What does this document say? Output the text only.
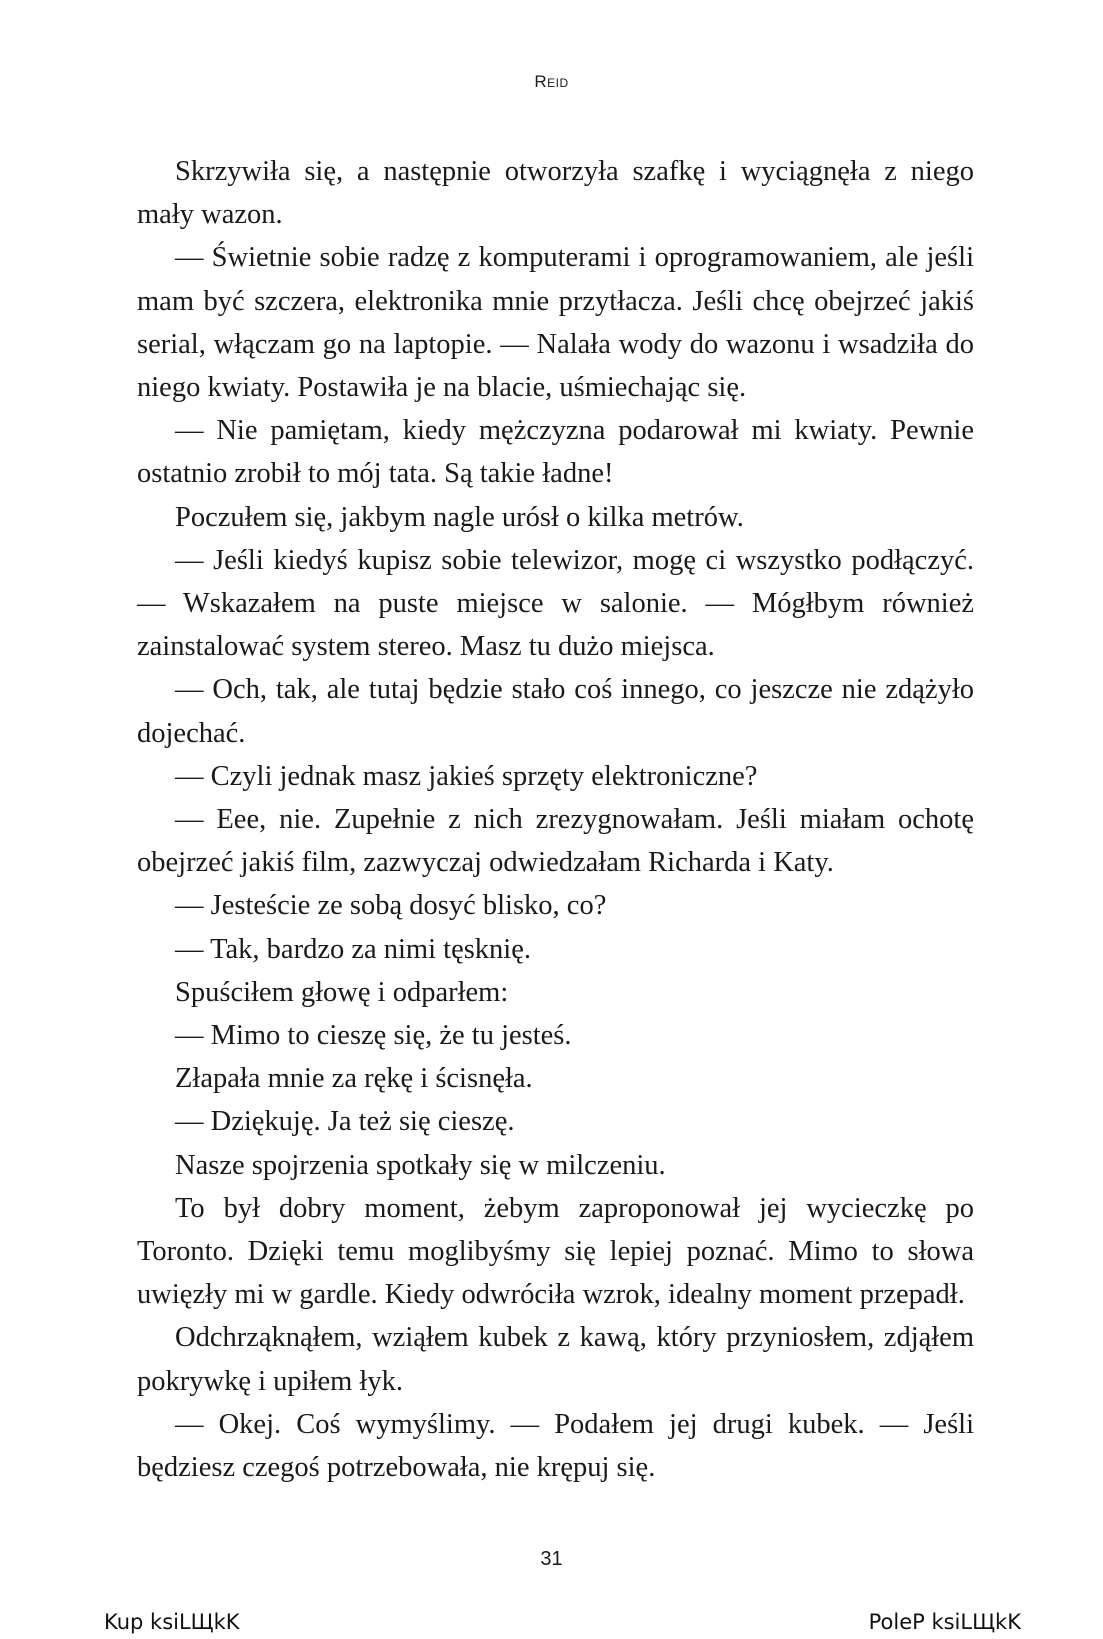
Reid

Skrzywiła się, a następnie otworzyła szafkę i wyciągnęła z niego mały wazon.

— Świetnie sobie radzę z komputerami i oprogramowaniem, ale jeśli mam być szczera, elektronika mnie przytłacza. Jeśli chcę obejrzeć jakiś serial, włączam go na laptopie. — Nalała wody do wazonu i wsadziła do niego kwiaty. Postawiła je na blacie, uśmiechając się.

— Nie pamiętam, kiedy mężczyzna podarował mi kwiaty. Pewnie ostatnio zrobił to mój tata. Są takie ładne!

Poczułem się, jakbym nagle urósł o kilka metrów.

— Jeśli kiedyś kupisz sobie telewizor, mogę ci wszystko podłączyć. — Wskazałem na puste miejsce w salonie. — Mógłbym również zainstalować system stereo. Masz tu dużo miejsca.

— Och, tak, ale tutaj będzie stało coś innego, co jeszcze nie zdążyło dojechać.

— Czyli jednak masz jakieś sprzęty elektroniczne?

— Eee, nie. Zupełnie z nich zrezygnowałam. Jeśli miałam ochotę obejrzeć jakiś film, zazwyczaj odwiedzałam Richarda i Katy.

— Jesteście ze sobą dosyć blisko, co?

— Tak, bardzo za nimi tęsknię.

Spuściłem głowę i odparłem:

— Mimo to cieszę się, że tu jesteś.

Złapała mnie za rękę i ścisnęła.

— Dziękuję. Ja też się cieszę.

Nasze spojrzenia spotkały się w milczeniu.

To był dobry moment, żebym zaproponował jej wycieczkę po Toronto. Dzięki temu moglibyśmy się lepiej poznać. Mimo to słowa uwięzły mi w gardle. Kiedy odwróciła wzrok, idealny moment przepadł.

Odchrząknąłem, wziąłem kubek z kawą, który przyniosłem, zdjąłem pokrywkę i upiłem łyk.

— Okej. Coś wymyślimy. — Podałem jej drugi kubek. — Jeśli będziesz czegoś potrzebowała, nie krępuj się.

31
Kup ksiLЩkK	PoleP ksiLЩkK
